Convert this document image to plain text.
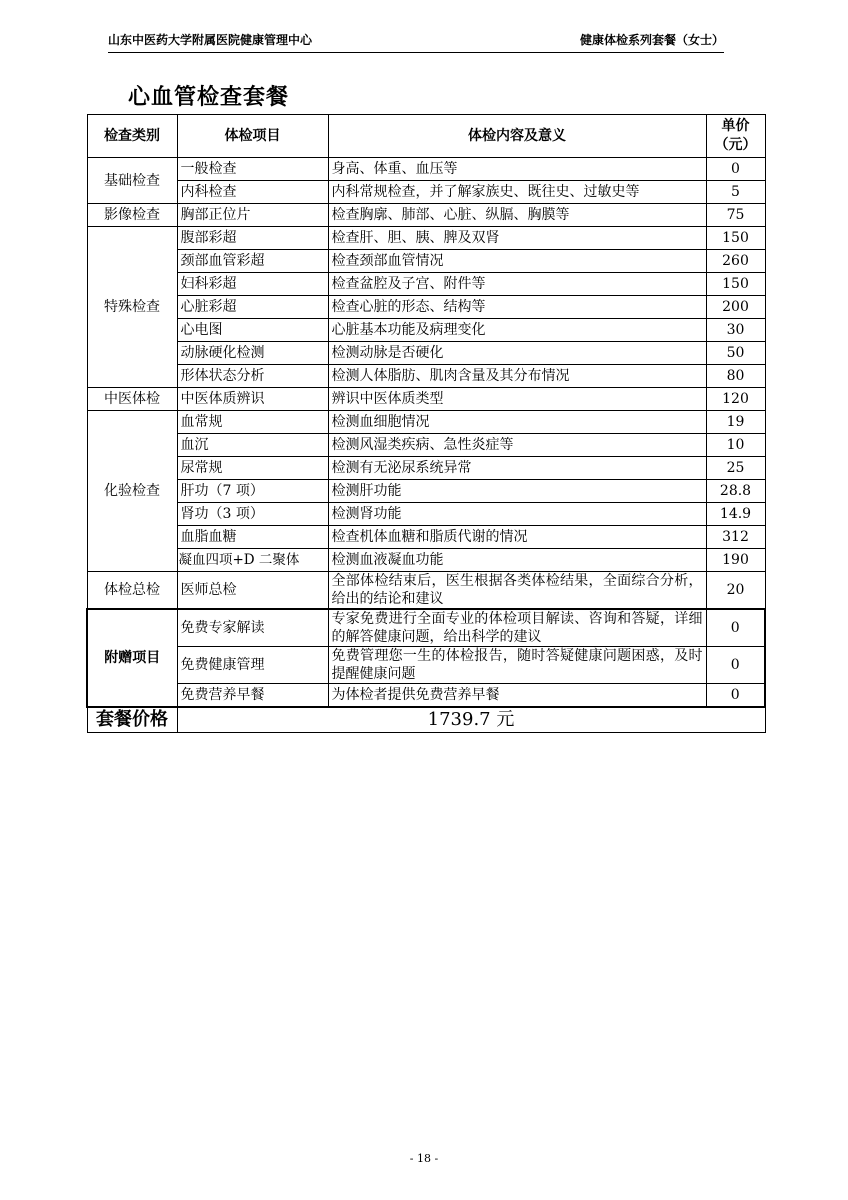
山东中医药大学附属医院健康管理中心	健康体检系列套餐（女士）
心血管检查套餐
检查类别	体检项目	体检内容及意义	单价（元）
基础检查	一般检查	身高、体重、血压等	0
	内科检查	内科常规检查，并了解家族史、既往史、过敏史等	5
影像检查	胸部正位片	检查胸廓、肺部、心脏、纵膈、胸膜等	75
特殊检查	腹部彩超	检查肝、胆、胰、脾及双肾	150
	颈部血管彩超	检查颈部血管情况	260
	妇科彩超	检查盆腔及子宫、附件等	150
	心脏彩超	检查心脏的形态、结构等	200
	心电图	心脏基本功能及病理变化	30
	动脉硬化检测	检测动脉是否硬化	50
	形体状态分析	检测人体脂肪、肌肉含量及其分布情况	80
中医体检	中医体质辨识	辨识中医体质类型	120
化验检查	血常规	检测血细胞情况	19
	血沉	检测风湿类疾病、急性炎症等	10
	尿常规	检测有无泌尿系统异常	25
	肝功（7 项）	检测肝功能	28.8
	肾功（3 项）	检测肾功能	14.9
	血脂血糖	检查机体血糖和脂质代谢的情况	312
	凝血四项+D 二聚体	检测血液凝血功能	190
体检总检	医师总检	全部体检结束后，医生根据各类体检结果，全面综合分析，给出的结论和建议	20
附赠项目	免费专家解读	专家免费进行全面专业的体检项目解读、咨询和答疑，详细的解答健康问题，给出科学的建议	0
	免费健康管理	免费管理您一生的体检报告，随时答疑健康问题困惑，及时提醒健康问题	0
	免费营养早餐	为体检者提供免费营养早餐	0
套餐价格	1739.7 元		
- 18 -
